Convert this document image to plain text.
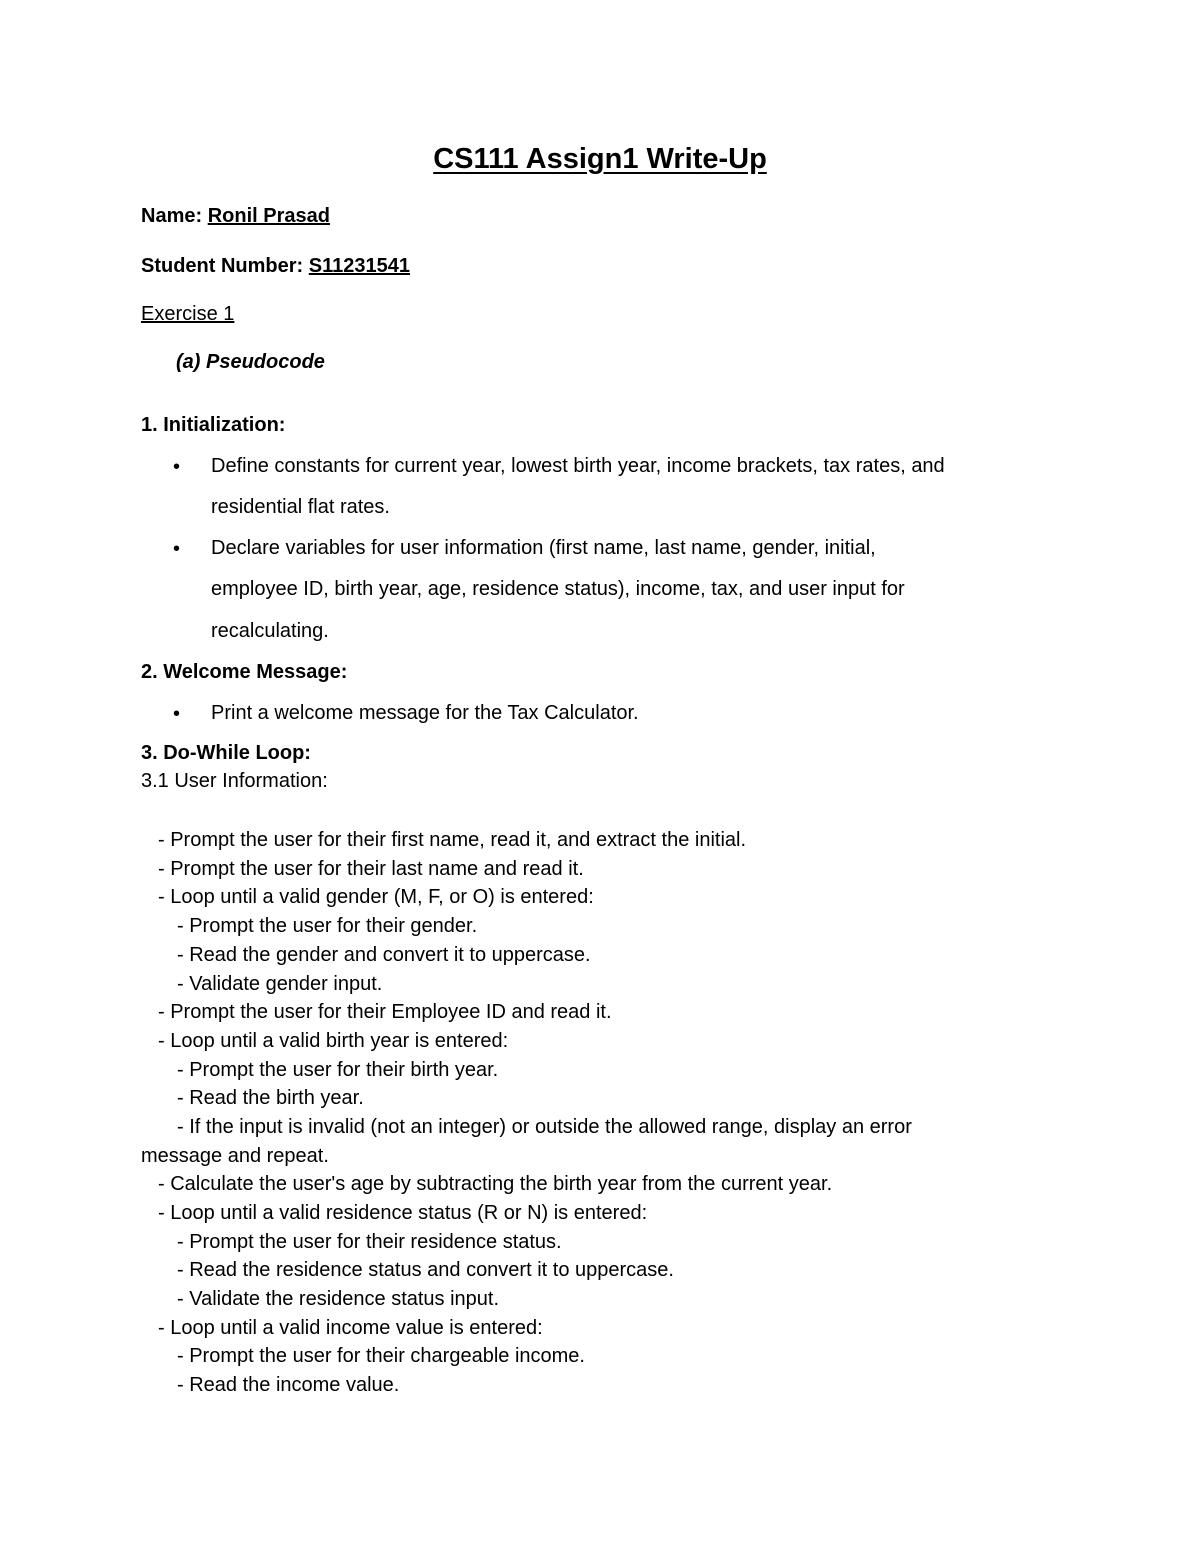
CS111 Assign1 Write-Up
Name: Ronil Prasad
Student Number: S11231541
Exercise 1
(a) Pseudocode
1. Initialization:
• Define constants for current year, lowest birth year, income brackets, tax rates, and
residential flat rates.
• Declare variables for user information (first name, last name, gender, initial,
employee ID, birth year, age, residence status), income, tax, and user input for
recalculating.
2. Welcome Message:
• Print a welcome message for the Tax Calculator.
3. Do-While Loop:
3.1 User Information:
- Prompt the user for their first name, read it, and extract the initial.
- Prompt the user for their last name and read it.
- Loop until a valid gender (M, F, or O) is entered:
- Prompt the user for their gender.
- Read the gender and convert it to uppercase.
- Validate gender input.
- Prompt the user for their Employee ID and read it.
- Loop until a valid birth year is entered:
- Prompt the user for their birth year.
- Read the birth year.
- If the input is invalid (not an integer) or outside the allowed range, display an error
message and repeat.
- Calculate the user's age by subtracting the birth year from the current year.
- Loop until a valid residence status (R or N) is entered:
- Prompt the user for their residence status.
- Read the residence status and convert it to uppercase.
- Validate the residence status input.
- Loop until a valid income value is entered:
- Prompt the user for their chargeable income.
- Read the income value.
